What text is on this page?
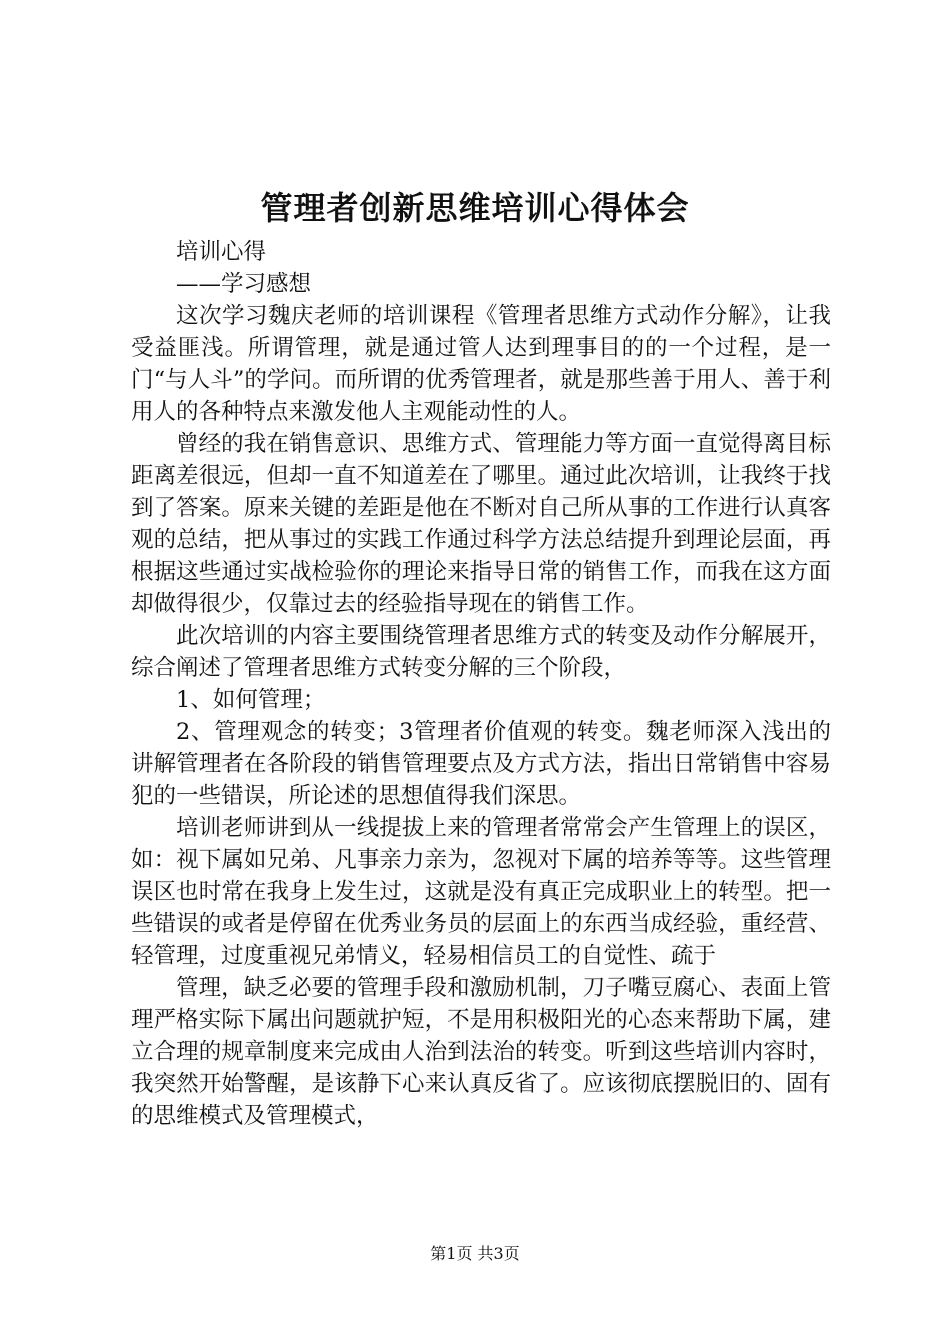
管理者创新思维培训心得体会

培训心得

——学习感想

这次学习魏庆老师的培训课程《管理者思维方式动作分解》，让我受益匪浅。所谓管理，就是通过管人达到理事目的的一个过程，是一门“与人斗”的学问。而所谓的优秀管理者，就是那些善于用人、善于利用人的各种特点来激发他人主观能动性的人。

曾经的我在销售意识、思维方式、管理能力等方面一直觉得离目标距离差很远，但却一直不知道差在了哪里。通过此次培训，让我终于找到了答案。原来关键的差距是他在不断对自己所从事的工作进行认真客观的总结，把从事过的实践工作通过科学方法总结提升到理论层面，再根据这些通过实战检验你的理论来指导日常的销售工作，而我在这方面却做得很少，仅靠过去的经验指导现在的销售工作。

此次培训的内容主要围绕管理者思维方式的转变及动作分解展开，综合阐述了管理者思维方式转变分解的三个阶段，

1、如何管理；

2、管理观念的转变；3管理者价值观的转变。魏老师深入浅出的讲解管理者在各阶段的销售管理要点及方式方法，指出日常销售中容易犯的一些错误，所论述的思想值得我们深思。

培训老师讲到从一线提拔上来的管理者常常会产生管理上的误区，如：视下属如兄弟、凡事亲力亲为，忽视对下属的培养等等。这些管理误区也时常在我身上发生过，这就是没有真正完成职业上的转型。把一些错误的或者是停留在优秀业务员的层面上的东西当成经验，重经营、轻管理，过度重视兄弟情义，轻易相信员工的自觉性、疏于

管理，缺乏必要的管理手段和激励机制，刀子嘴豆腐心、表面上管理严格实际下属出问题就护短，不是用积极阳光的心态来帮助下属，建立合理的规章制度来完成由人治到法治的转变。听到这些培训内容时，我突然开始警醒，是该静下心来认真反省了。应该彻底摆脱旧的、固有的思维模式及管理模式，

第1页 共3页
